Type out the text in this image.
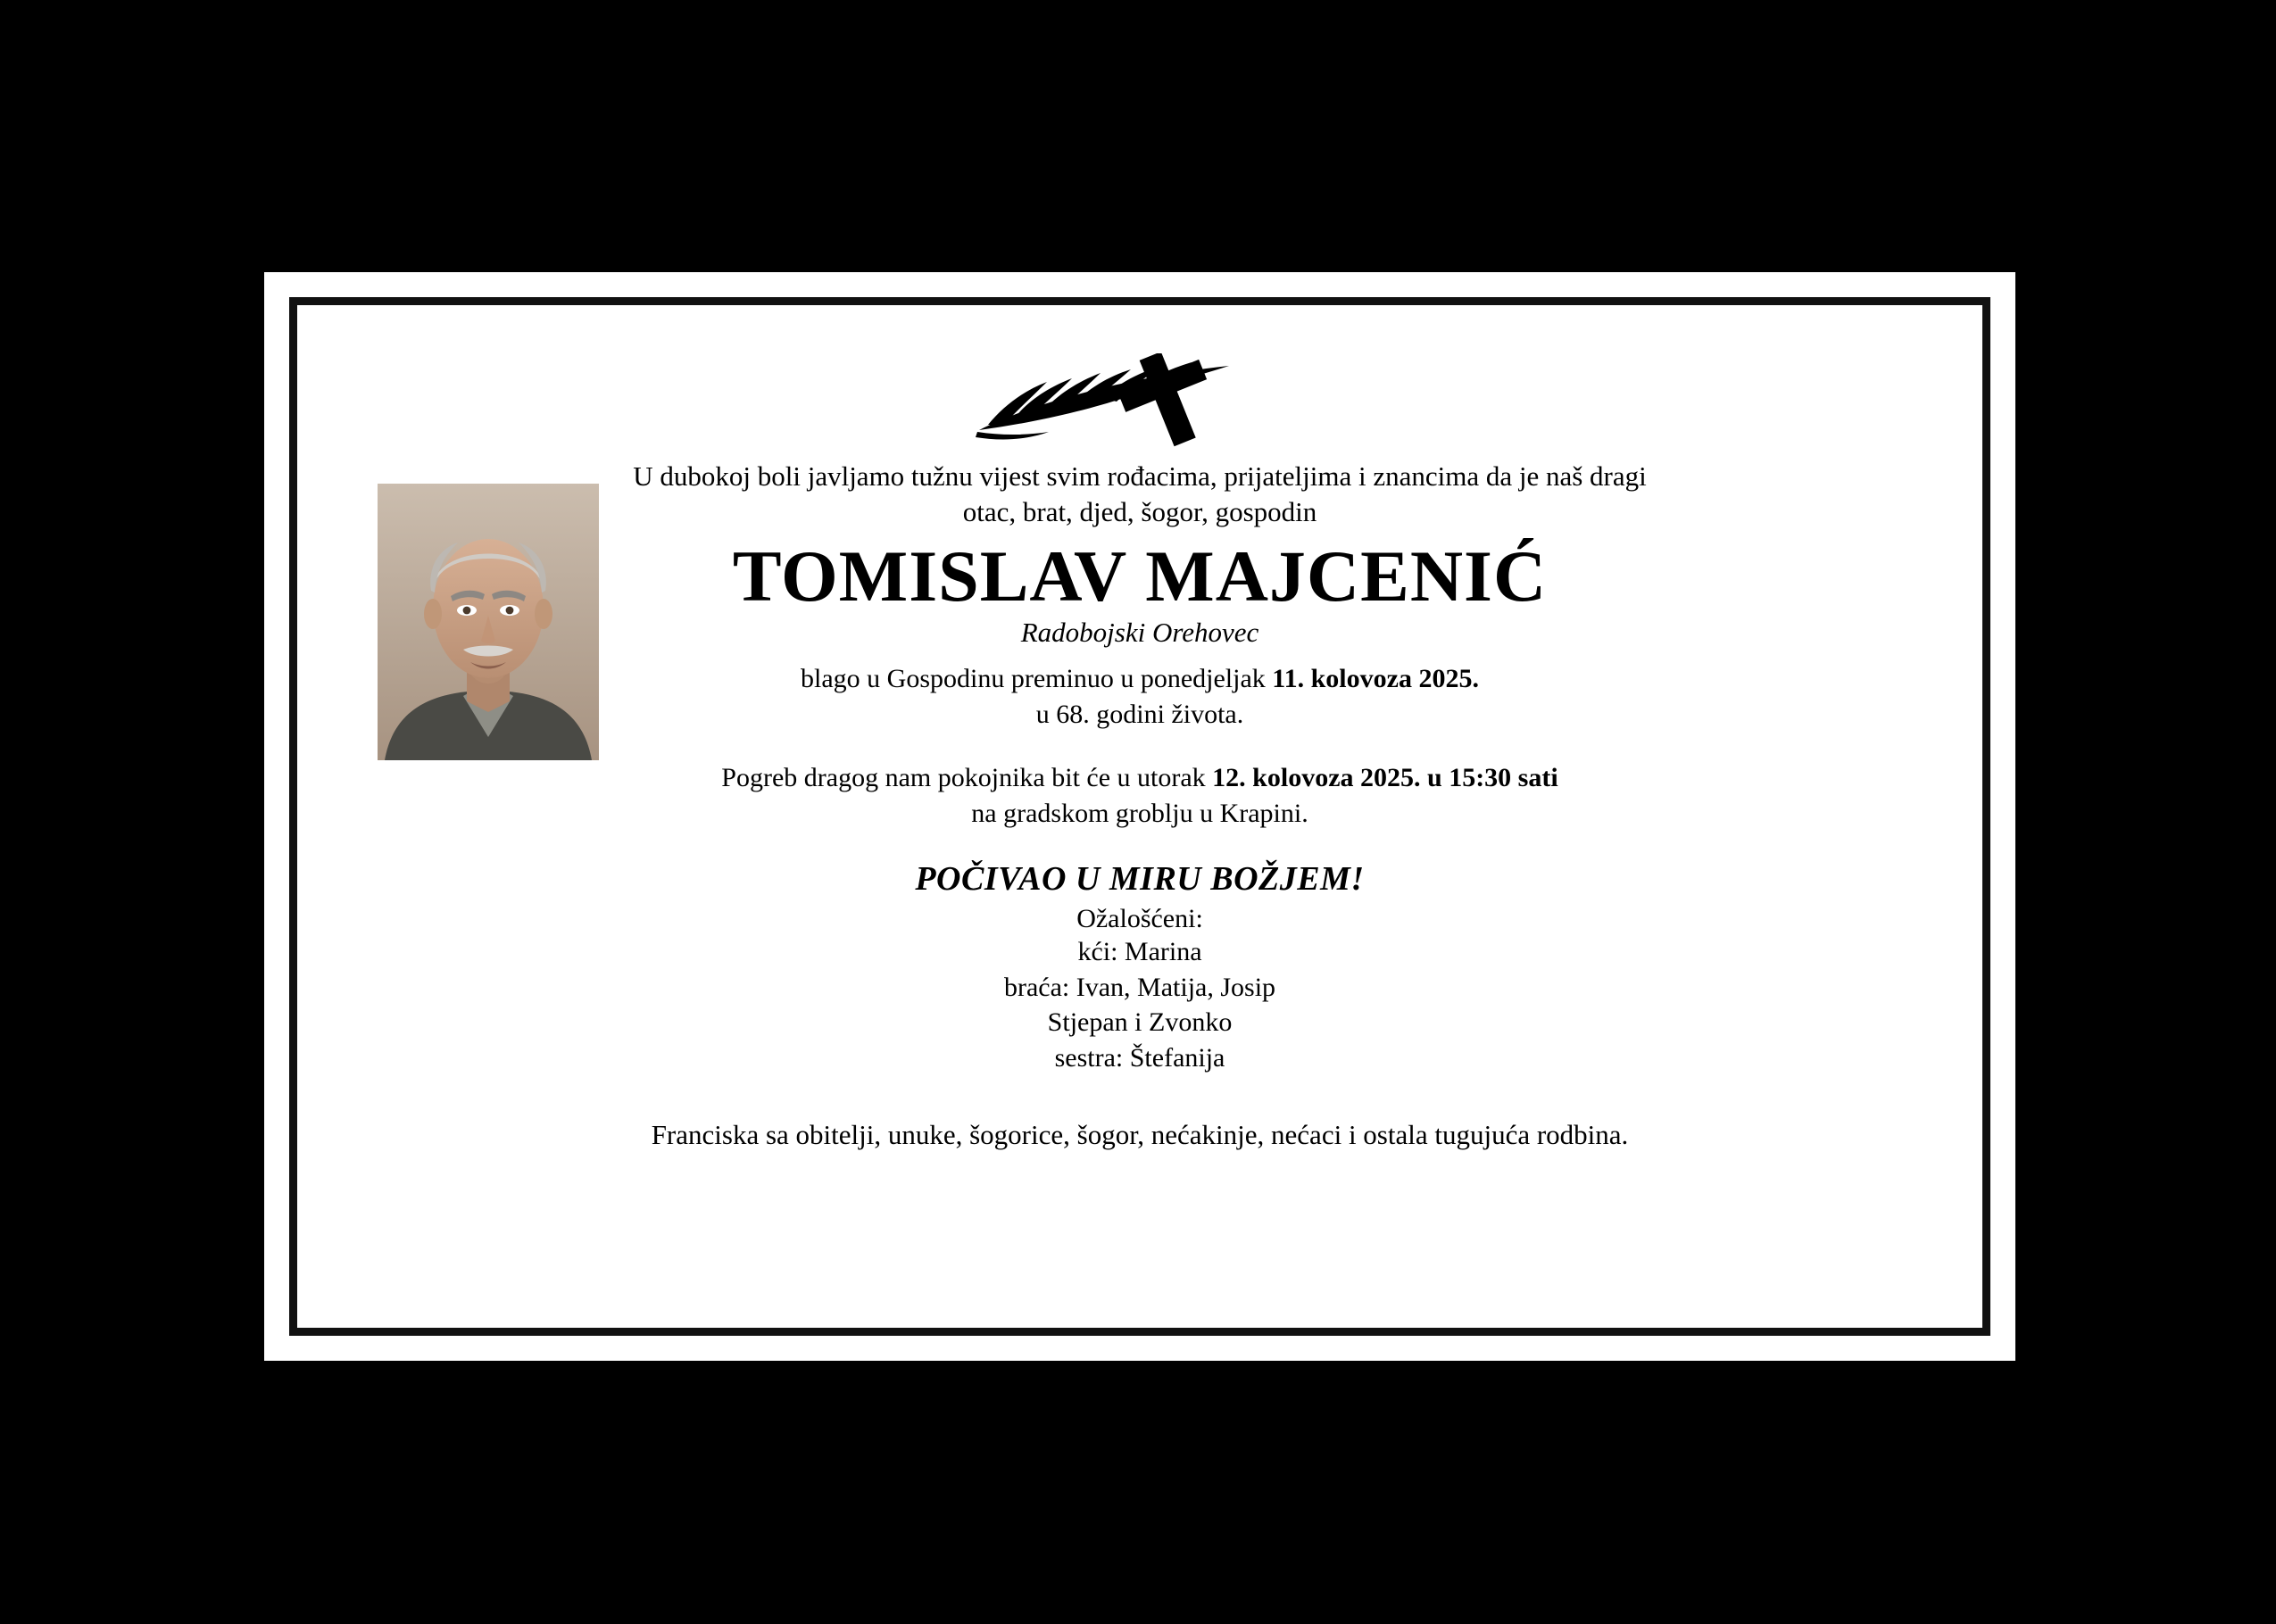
U dubokoj boli javljamo tužnu vijest svim rođacima, prijateljima i znancima da je naš dragi
otac, brat, djed, šogor, gospodin

TOMISLAV MAJCENIĆ
Radobojski Orehovec

blago u Gospodinu preminuo u ponedjeljak 11. kolovoza 2025.
u 68. godini života.

Pogreb dragog nam pokojnika bit će u utorak 12. kolovoza 2025. u 15:30 sati
na gradskom groblju u Krapini.

POČIVAO U MIRU BOŽJEM!
Ožalošćeni:
kći: Marina
braća: Ivan, Matija, Josip
Stjepan i Zvonko
sestra: Štefanija

Franciska sa obitelji, unuke, šogorice, šogor, nećakinje, nećaci i ostala tugujuća rodbina.
